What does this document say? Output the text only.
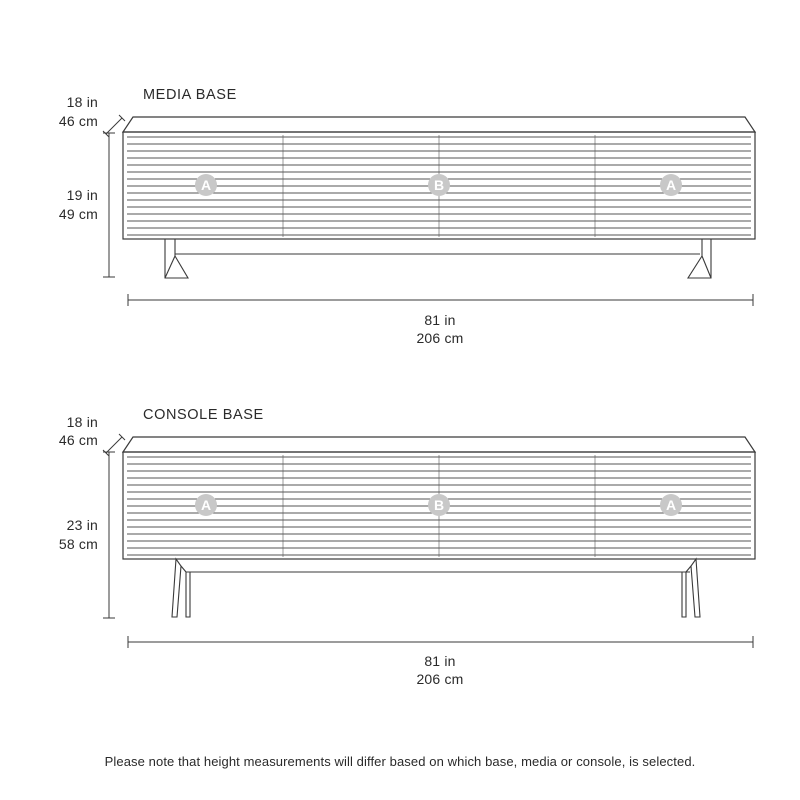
MEDIA BASE
18 in
46 cm
19 in
49 cm
81 in
206 cm
A	B	A
CONSOLE BASE
18 in
46 cm
23 in
58 cm
81 in
206 cm
A	B	A
Please note that height measurements will differ based on which base, media or console, is selected.
